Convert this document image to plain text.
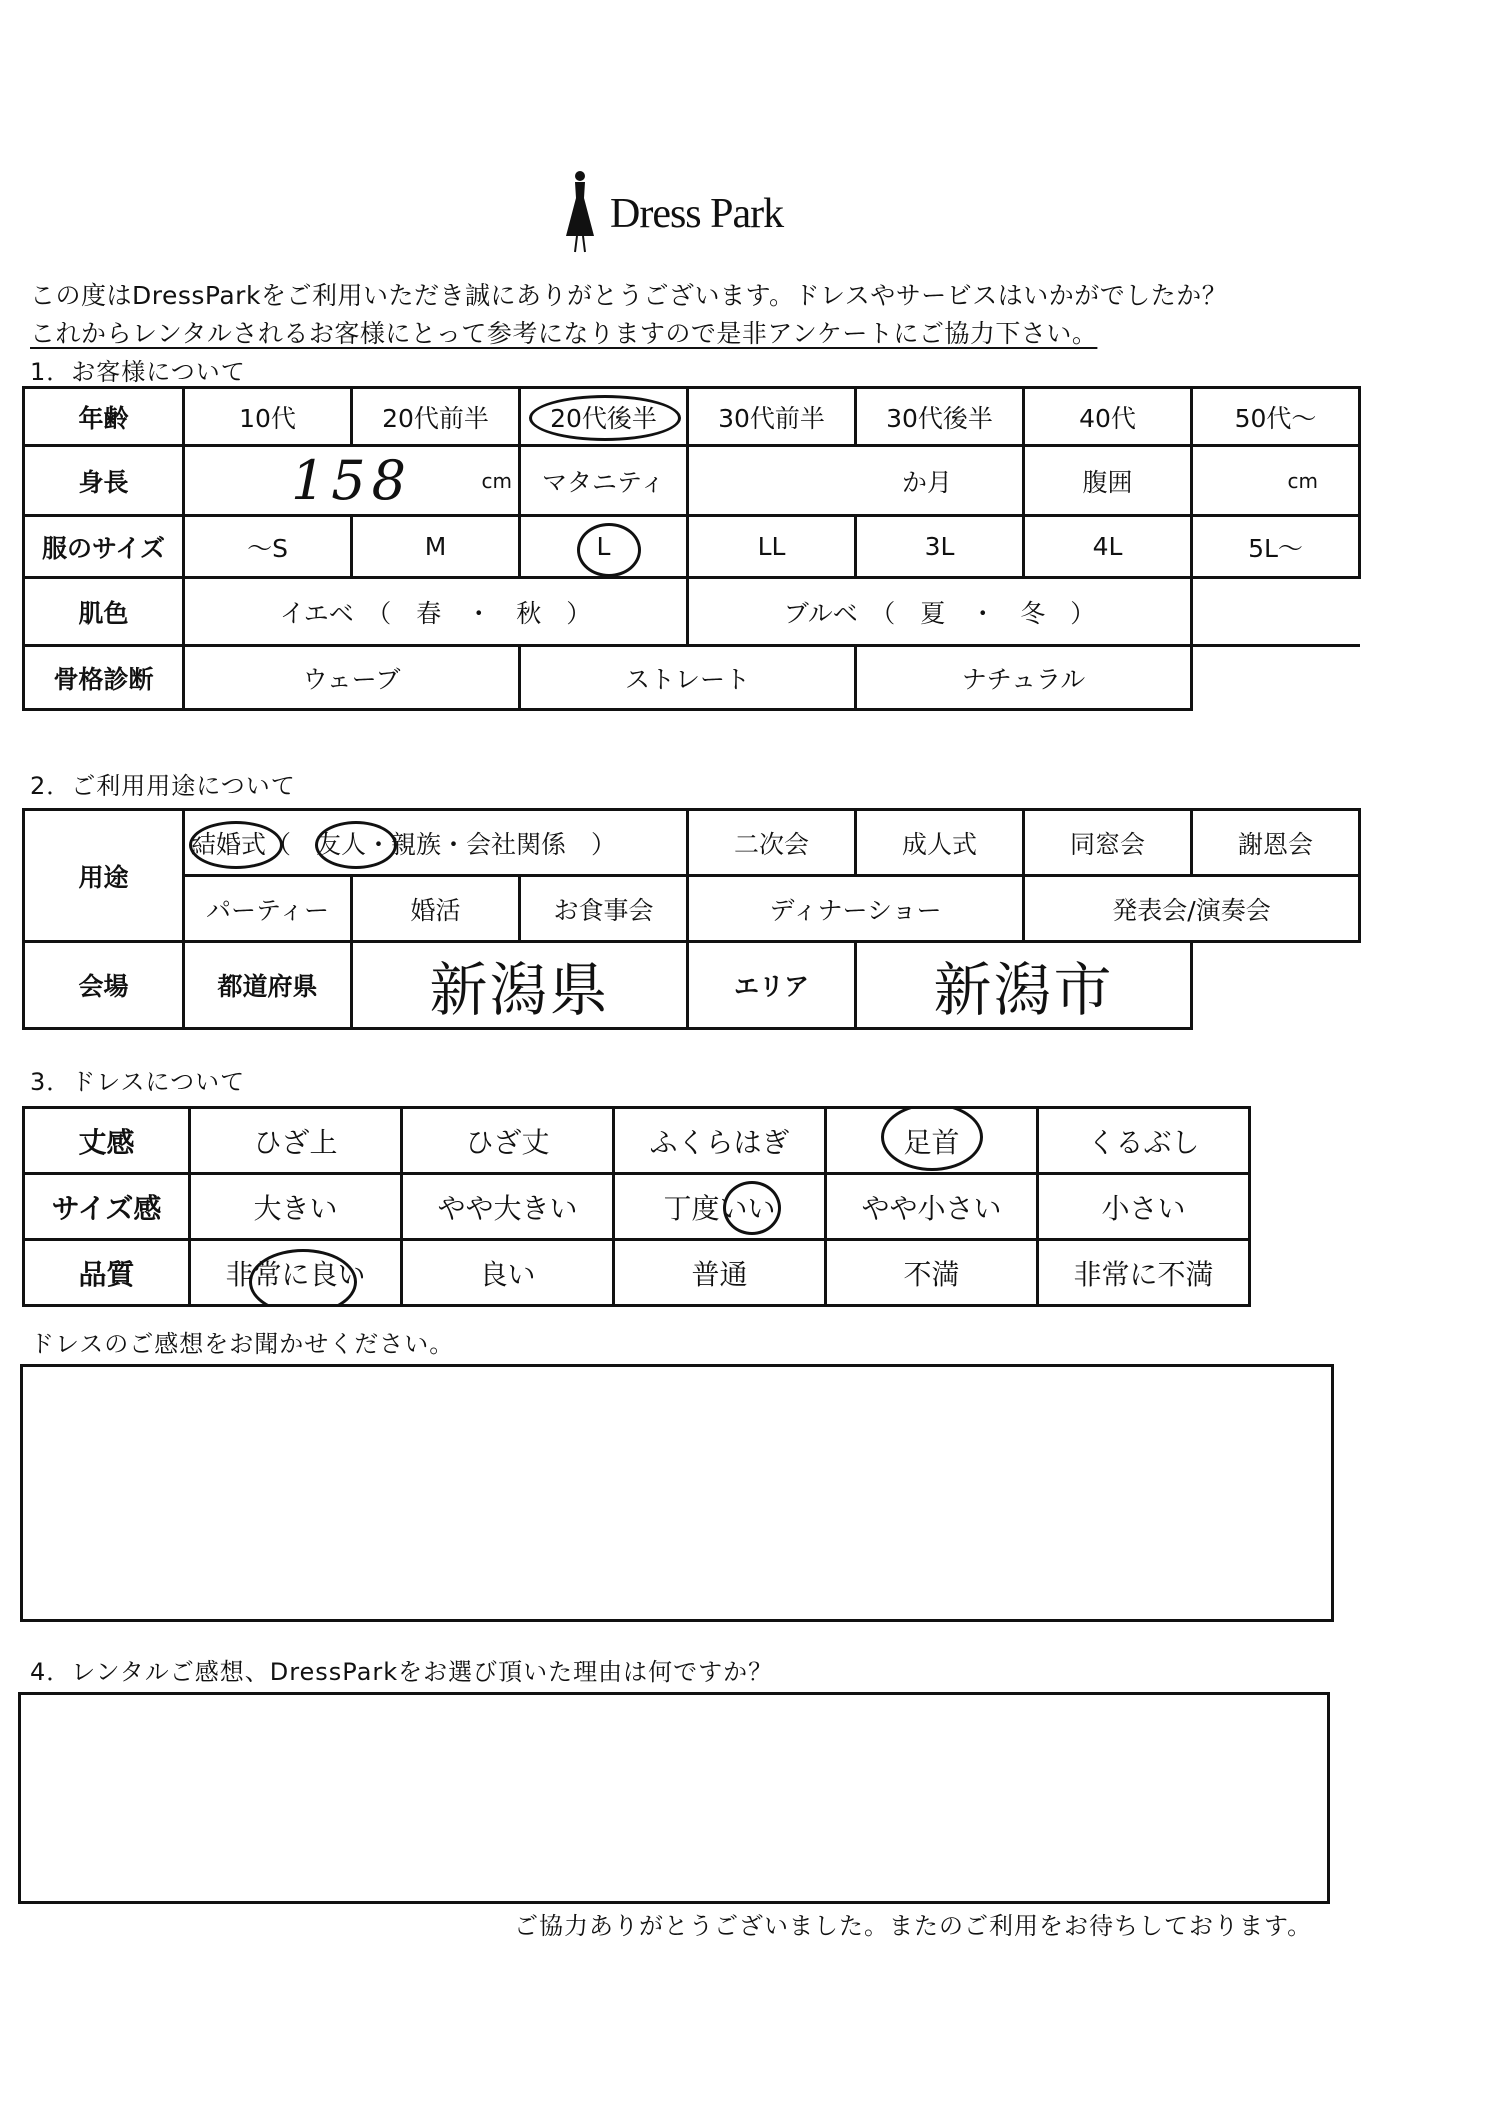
Dress Park
この度はDressParkをご利用いただき誠にありがとうございます。ドレスやサービスはいかがでしたか？
これからレンタルされるお客様にとって参考になりますので是非アンケートにご協力下さい。
1．お客様について
年齢	10代	20代前半	20代後半	30代前半	30代後半	40代	50代～
身長	158 cm		マタニティ	か月		腹囲	cm

服のサイズ	～S	M	L	LL	3L	4L	5L～
肌色	イエベ　（　春　・　秋　）			ブルベ　（　夏　・　冬　）			
骨格診断	ウェーブ		ストレート		ナチュラル		
2．ご利用用途について
用途	結婚式（　友人・親族・会社関係　）			二次会	成人式	同窓会	謝恩会
	パーティー	婚活	お食事会	ディナーショー		発表会/演奏会	
会場	都道府県	新潟県		エリア	新潟市		
3．ドレスについて
丈感	ひざ上	ひざ丈	ふくらはぎ	足首	くるぶし
サイズ感	大きい	やや大きい	丁度いい	やや小さい	小さい
品質	非常に良い	良い	普通	不満	非常に不満
ドレスのご感想をお聞かせください。
4．レンタルご感想、DressParkをお選び頂いた理由は何ですか？
ご協力ありがとうございました。またのご利用をお待ちしております。
